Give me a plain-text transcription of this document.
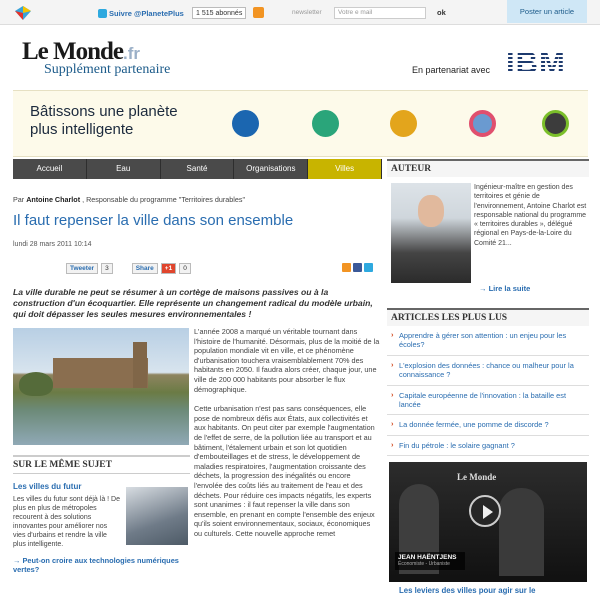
Suivre @PlanetePlus	1 515 abonnés	newsletter	Votre e mail	ok	Poster un article
Le Monde.fr
Supplément partenaire	En partenariat avec IBM
Bâtissons une planète
plus intelligente
Accueil	Eau	Santé	Organisations	Villes
Par Antoine Charlot , Responsable du programme "Territoires durables"
Il faut repenser la ville dans son ensemble
lundi 28 mars 2011 10:14
Tweeter	3	Share	+1	0
La ville durable ne peut se résumer à un cortège de maisons passives ou à la construction d'un écoquartier. Elle représente un changement radical du modèle urbain, qui doit dépasser les seules mesures environnementales !

L'année 2008 a marqué un véritable tournant dans l'histoire de l'humanité. Désormais, plus de la moitié de la population mondiale vit en ville, et ce phénomène d'urbanisation touchera vraisemblablement 70% des habitants en 2050. Il faudra alors créer, chaque jour, une ville de 200 000 habitants pour absorber le flux démographique.

Cette urbanisation n'est pas sans conséquences, elle pose de nombreux défis aux États, aux collectivités et aux habitants. On peut citer par exemple l'augmentation de l'effet de serre, de la pollution liée au transport et au bâtiment, l'étalement urbain et son lot quotidien d'embouteillages et de stress, le développement de maladies respiratoires, l'augmentation croissante des déchets, la progression des inégalités ou encore l'envolée des coûts liés au traitement de l'eau et des déchets. Pour réduire ces impacts négatifs, les experts sont unanimes : il faut repenser la ville dans son ensemble, en prenant en compte l'ensemble des enjeux qu'ils soient environnementaux, sociaux, économiques ou culturels. Cette nouvelle approche remet

SUR LE MÊME SUJET
Les villes du futur
Les villes du futur sont déjà là ! De plus en plus de métropoles recourent à des solutions innovantes pour améliorer nos vies d'urbains et rendre la ville plus intelligente.
→ Peut-on croire aux technologies numériques vertes?
AUTEUR
Ingénieur-maître en gestion des territoires et génie de l'environnement, Antoine Charlot est responsable national du programme « territoires durables », délégué régional en Pays-de-la-Loire du Comité 21...
→ Lire la suite
ARTICLES LES PLUS LUS
› Apprendre à gérer son attention : un enjeu pour les écoles?
› L'explosion des données : chance ou malheur pour la connaissance ?
› Capitale européenne de l'innovation : la bataille est lancée
› La donnée fermée, une pomme de discorde ?
› Fin du pétrole : le solaire gagnant ?
Le Monde
JEAN HAËNTJENS
Économiste - Urbaniste
Les leviers des villes pour agir sur le
